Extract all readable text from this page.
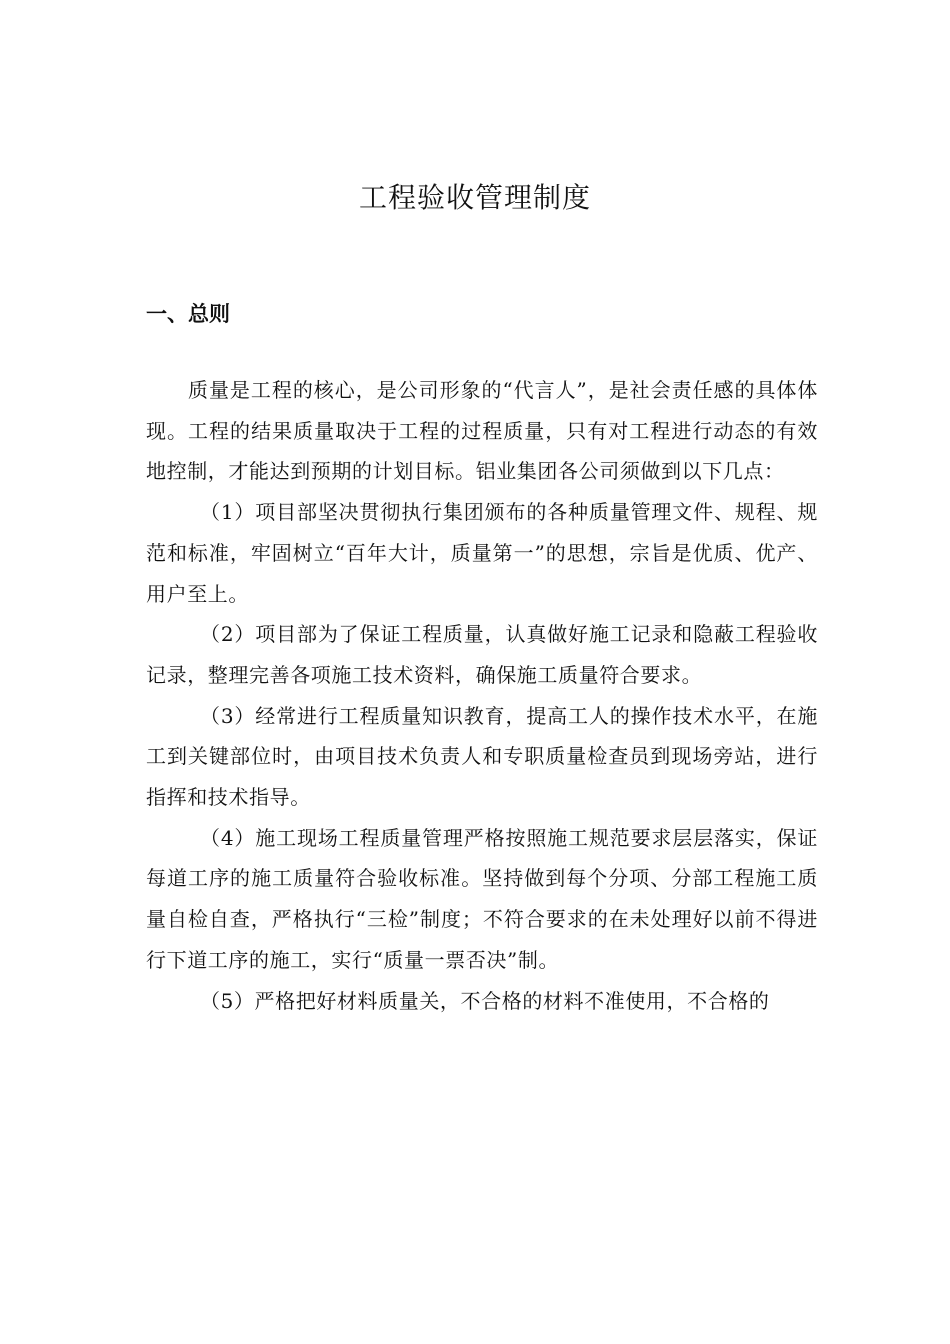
工程验收管理制度
一、总则

质量是工程的核心，是公司形象的“代言人”，是社会责任感的具体体现。工程的结果质量取决于工程的过程质量，只有对工程进行动态的有效地控制，才能达到预期的计划目标。铝业集团各公司须做到以下几点：

（1）项目部坚决贯彻执行集团颁布的各种质量管理文件、规程、规范和标准，牢固树立“百年大计，质量第一”的思想，宗旨是优质、优产、用户至上。

（2）项目部为了保证工程质量，认真做好施工记录和隐蔽工程验收记录，整理完善各项施工技术资料，确保施工质量符合要求。

（3）经常进行工程质量知识教育，提高工人的操作技术水平，在施工到关键部位时，由项目技术负责人和专职质量检查员到现场旁站，进行指挥和技术指导。

（4）施工现场工程质量管理严格按照施工规范要求层层落实，保证每道工序的施工质量符合验收标准。坚持做到每个分项、分部工程施工质量自检自查，严格执行“三检”制度；不符合要求的在未处理好以前不得进行下道工序的施工，实行“质量一票否决”制。

（5）严格把好材料质量关，不合格的材料不准使用，不合格的
